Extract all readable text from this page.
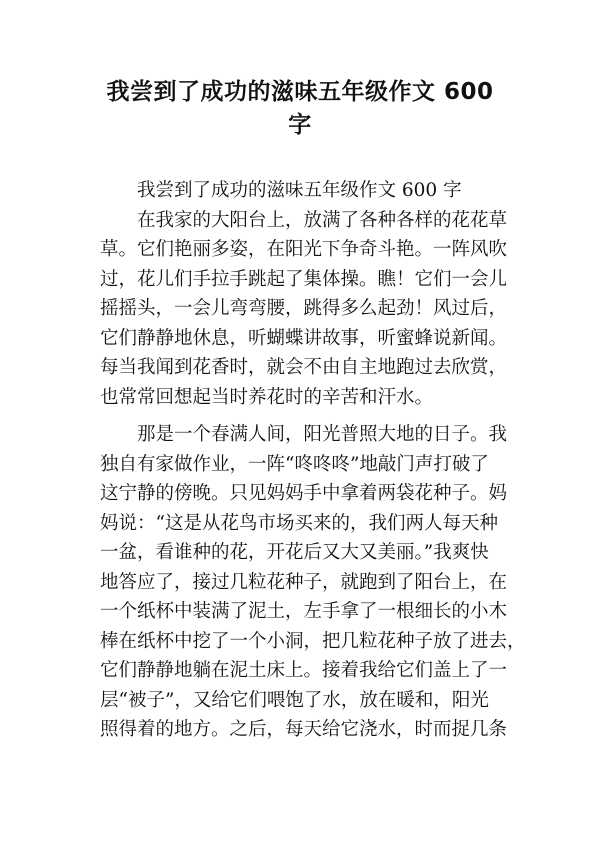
我尝到了成功的滋味五年级作文 600
字
　　我尝到了成功的滋味五年级作文 600 字
　　在我家的大阳台上，放满了各种各样的花花草
草。它们艳丽多姿，在阳光下争奇斗艳。一阵风吹
过，花儿们手拉手跳起了集体操。瞧！它们一会儿
摇摇头，一会儿弯弯腰，跳得多么起劲！风过后，
它们静静地休息，听蝴蝶讲故事，听蜜蜂说新闻。
每当我闻到花香时，就会不由自主地跑过去欣赏，
也常常回想起当时养花时的辛苦和汗水。
　　那是一个春满人间，阳光普照大地的日子。我
独自有家做作业，一阵“咚咚咚”地敲门声打破了
这宁静的傍晚。只见妈妈手中拿着两袋花种子。妈
妈说：“这是从花鸟市场买来的，我们两人每天种
一盆，看谁种的花，开花后又大又美丽。”我爽快
地答应了，接过几粒花种子，就跑到了阳台上，在
一个纸杯中装满了泥土，左手拿了一根细长的小木
棒在纸杯中挖了一个小洞，把几粒花种子放了进去，
它们静静地躺在泥土床上。接着我给它们盖上了一
层“被子”，又给它们喂饱了水，放在暖和，阳光
照得着的地方。之后，每天给它浇水，时而捉几条
